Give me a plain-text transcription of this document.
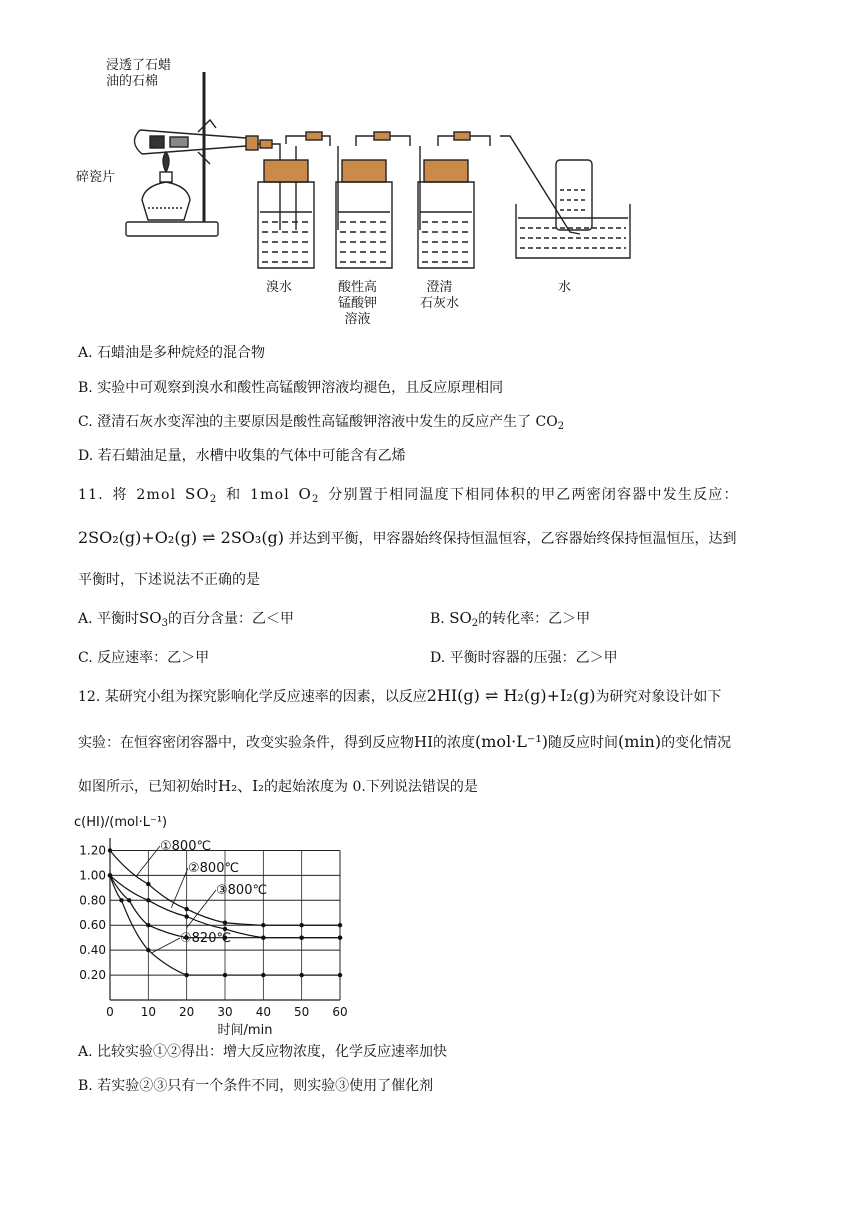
浸透了石蜡
油的石棉
碎瓷片
溴水	酸性高
锰酸钾
溶液
澄清
石灰水
水
A. 石蜡油是多种烷烃的混合物
B. 实验中可观察到溴水和酸性高锰酸钾溶液均褪色，且反应原理相同
C. 澄清石灰水变浑浊的主要原因是酸性高锰酸钾溶液中发生的反应产生了 $CO_2$
D. 若石蜡油足量，水槽中收集的气体中可能含有乙烯
11. 将 2mol $SO_2$ 和 1mol $O_2$ 分别置于相同温度下相同体积的甲乙两密闭容器中发生反应：
2SO₂(g)+O₂(g) ⇌ 2SO₃(g) 并达到平衡，甲容器始终保持恒温恒容，乙容器始终保持恒温恒压，达到
平衡时，下述说法不正确的是
A. 平衡时$SO_3$的百分含量：乙＜甲	B. $SO_2$的转化率：乙＞甲
C. 反应速率：乙＞甲	D. 平衡时容器的压强：乙＞甲
12. 某研究小组为探究影响化学反应速率的因素，以反应2HI(g) ⇌ H₂(g)+I₂(g)为研究对象设计如下
实验：在恒容密闭容器中，改变实验条件，得到反应物HI的浓度(mol·L⁻¹)随反应时间(min)的变化情况
如图所示，已知初始时H₂、I₂的起始浓度为 0.下列说法错误的是
c(HI)/(mol·L⁻¹)
0.20
0.40
0.60
0.80
1.00
1.20
0 10 20 30 40 50 60
时间/min
①800℃
②800℃
③800℃
④820℃
A. 比较实验①②得出：增大反应物浓度，化学反应速率加快
B. 若实验②③只有一个条件不同，则实验③使用了催化剂
